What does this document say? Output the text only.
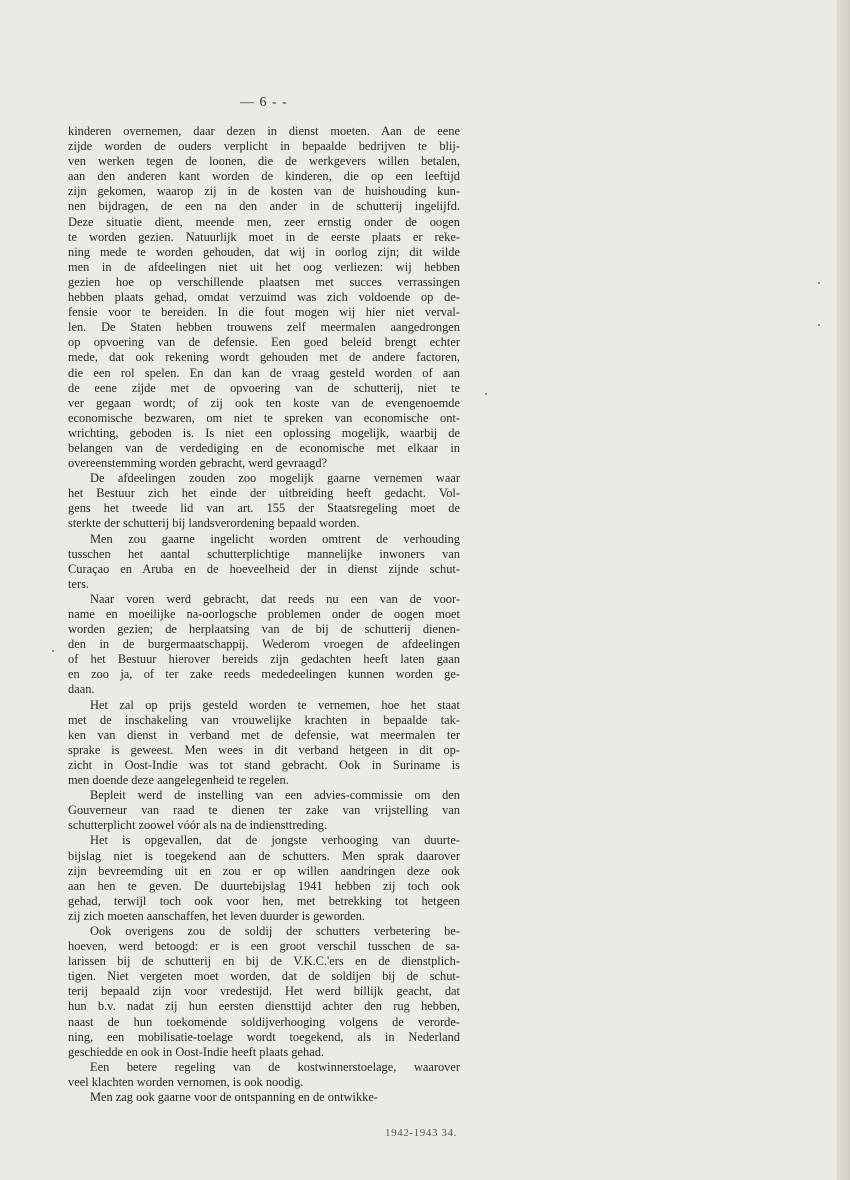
— 6 - -
kinderen overnemen, daar dezen in dienst moeten. Aan de eene
zijde worden de ouders verplicht in bepaalde bedrijven te blij-
ven werken tegen de loonen, die de werkgevers willen betalen,
aan den anderen kant worden de kinderen, die op een leeftijd
zijn gekomen, waarop zij in de kosten van de huishouding kun-
nen bijdragen, de een na den ander in de schutterij ingelijfd.
Deze situatie dient, meende men, zeer ernstig onder de oogen
te worden gezien. Natuurlijk moet in de eerste plaats er reke-
ning mede te worden gehouden, dat wij in oorlog zijn; dit wilde
men in de afdeelingen niet uit het oog verliezen: wij hebben
gezien hoe op verschillende plaatsen met succes verrassingen
hebben plaats gehad, omdat verzuimd was zich voldoende op de-
fensie voor te bereiden. In die fout mogen wij hier niet verval-
len. De Staten hebben trouwens zelf meermalen aangedrongen
op opvoering van de defensie. Een goed beleid brengt echter
mede, dat ook rekening wordt gehouden met de andere factoren,
die een rol spelen. En dan kan de vraag gesteld worden of aan
de eene zijde met de opvoering van de schutterij, niet te
ver gegaan wordt; of zij ook ten koste van de evengenoemde
economische bezwaren, om niet te spreken van economische ont-
wrichting, geboden is. Is niet een oplossing mogelijk, waarbij de
belangen van de verdediging en de economische met elkaar in
overeenstemming worden gebracht, werd gevraagd?
De afdeelingen zouden zoo mogelijk gaarne vernemen waar
het Bestuur zich het einde der uitbreiding heeft gedacht. Vol-
gens het tweede lid van art. 155 der Staatsregeling moet de
sterkte der schutterij bij landsverordening bepaald worden.
Men zou gaarne ingelicht worden omtrent de verhouding
tusschen het aantal schutterplichtige mannelijke inwoners van
Curaçao en Aruba en de hoeveelheid der in dienst zijnde schut-
ters.
Naar voren werd gebracht, dat reeds nu een van de voor-
name en moeilijke na-oorlogsche problemen onder de oogen moet
worden gezien; de herplaatsing van de bij de schutterij dienen-
den in de burgermaatschappij. Wederom vroegen de afdeelingen
of het Bestuur hierover bereids zijn gedachten heeft laten gaan
en zoo ja, of ter zake reeds mededeelingen kunnen worden ge-
daan.
Het zal op prijs gesteld worden te vernemen, hoe het staat
met de inschakeling van vrouwelijke krachten in bepaalde tak-
ken van dienst in verband met de defensie, wat meermalen ter
sprake is geweest. Men wees in dit verband hetgeen in dit op-
zicht in Oost-Indie was tot stand gebracht. Ook in Suriname is
men doende deze aangelegenheid te regelen.
Bepleit werd de instelling van een advies-commissie om den
Gouverneur van raad te dienen ter zake van vrijstelling van
schutterplicht zoowel vóór als na de indiensttreding.
Het is opgevallen, dat de jongste verhooging van duurte-
bijslag niet is toegekend aan de schutters. Men sprak daarover
zijn bevreemding uit en zou er op willen aandringen deze ook
aan hen te geven. De duurtebijslag 1941 hebben zij toch ook
gehad, terwijl toch ook voor hen, met betrekking tot hetgeen
zij zich moeten aanschaffen, het leven duurder is geworden.
Ook overigens zou de soldij der schutters verbetering be-
hoeven, werd betoogd: er is een groot verschil tusschen de sa-
larissen bij de schutterij en bij de V.K.C.'ers en de dienstplich-
tigen. Niet vergeten moet worden, dat de soldijen bij de schut-
terij bepaald zijn voor vredestijd. Het werd billijk geacht, dat
hun b.v. nadat zij hun eersten diensttijd achter den rug hebben,
naast de hun toekomende soldijverhooging volgens de verorde-
ning, een mobilisatie-toelage wordt toegekend, als in Nederland
geschiedde en ook in Oost-Indie heeft plaats gehad.
Een betere regeling van de kostwinnerstoelage, waarover
veel klachten worden vernomen, is ook noodig.
Men zag ook gaarne voor de ontspanning en de ontwikke-
1942-1943 34.
